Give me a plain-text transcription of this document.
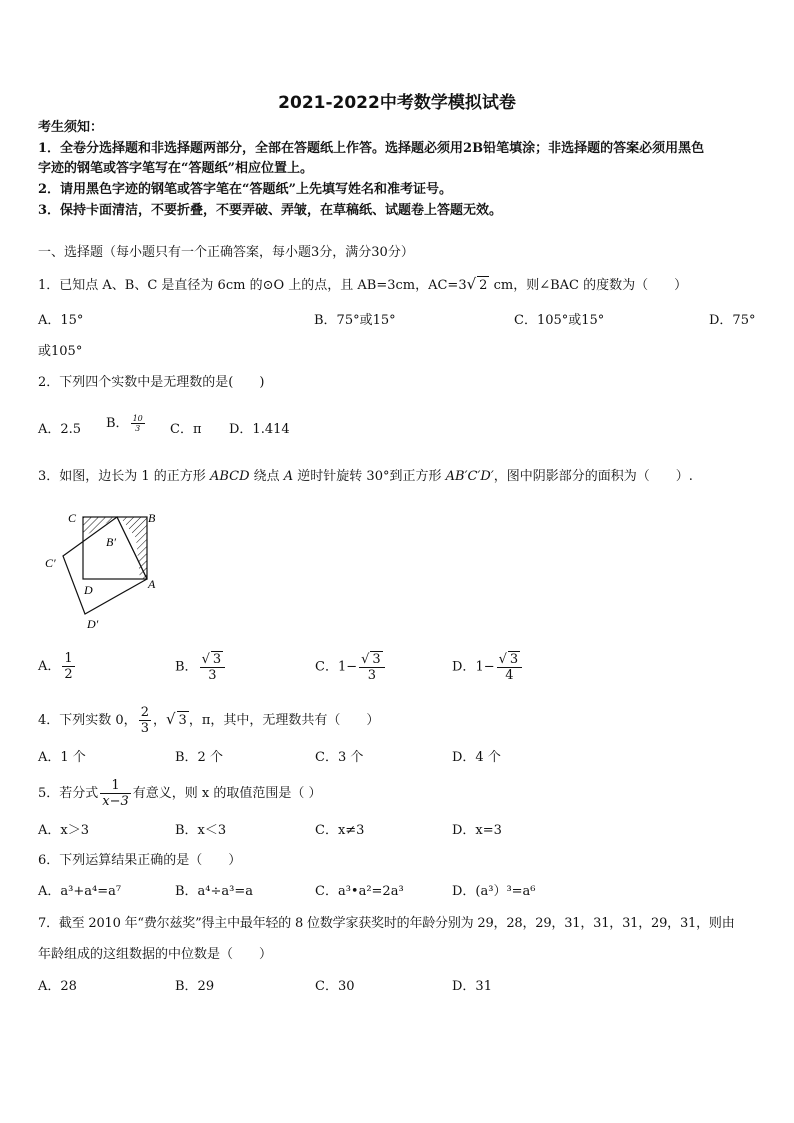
2021-2022中考数学模拟试卷
考生须知：
1．全卷分选择题和非选择题两部分，全部在答题纸上作答。选择题必须用2B铅笔填涂；非选择题的答案必须用黑色
字迹的钢笔或答字笔写在“答题纸”相应位置上。
2．请用黑色字迹的钢笔或答字笔在“答题纸”上先填写姓名和准考证号。
3．保持卡面清洁，不要折叠，不要弄破、弄皱，在草稿纸、试题卷上答题无效。
一、选择题（每小题只有一个正确答案，每小题3分，满分30分）
1．已知点 A、B、C 是直径为 6cm 的⊙O 上的点，且 AB=3cm，AC=3√ 2 cm，则∠BAC 的度数为（　　）
A．15°	B．75°或15°	C．105°或15°	D．75°
或105°
2．下列四个实数中是无理数的是(　　)
A．2.5 B． $\frac{10}{3}$ C．π D．1.414
3．如图，边长为 1 的正方形 ABCD 绕点 A 逆时针旋转 30°到正方形 AB′C′D′，图中阴影部分的面积为（　　）.
C	B
B′
C′
D	A
D′
A． $\frac{1}{2}$	B． $\frac{√ 3}{3}$	C．$1- \frac{√ 3}{3}$	D．$1- \frac{√ 3}{4}$
4．下列实数 0， $\frac{2}{3}$ ，√ 3 ，π，其中，无理数共有（　　）
A．1 个	B．2 个	C．3 个	D．4 个
5．若分式 $\frac{1}{x-3}$ 有意义，则 x 的取值范围是（ ）
A．x＞3	B．x＜3	C．x≠3	D．x=3
6．下列运算结果正确的是（　　）
A．a³+a⁴=a⁷	B．a⁴÷a³=a	C．a³•a²=2a³	D．(a³）³=a⁶
7．截至 2010 年“费尔兹奖”得主中最年轻的 8 位数学家获奖时的年龄分别为 29，28，29，31，31，31，29，31，则由
年龄组成的这组数据的中位数是（　　）
A．28	B．29	C．30	D．31
